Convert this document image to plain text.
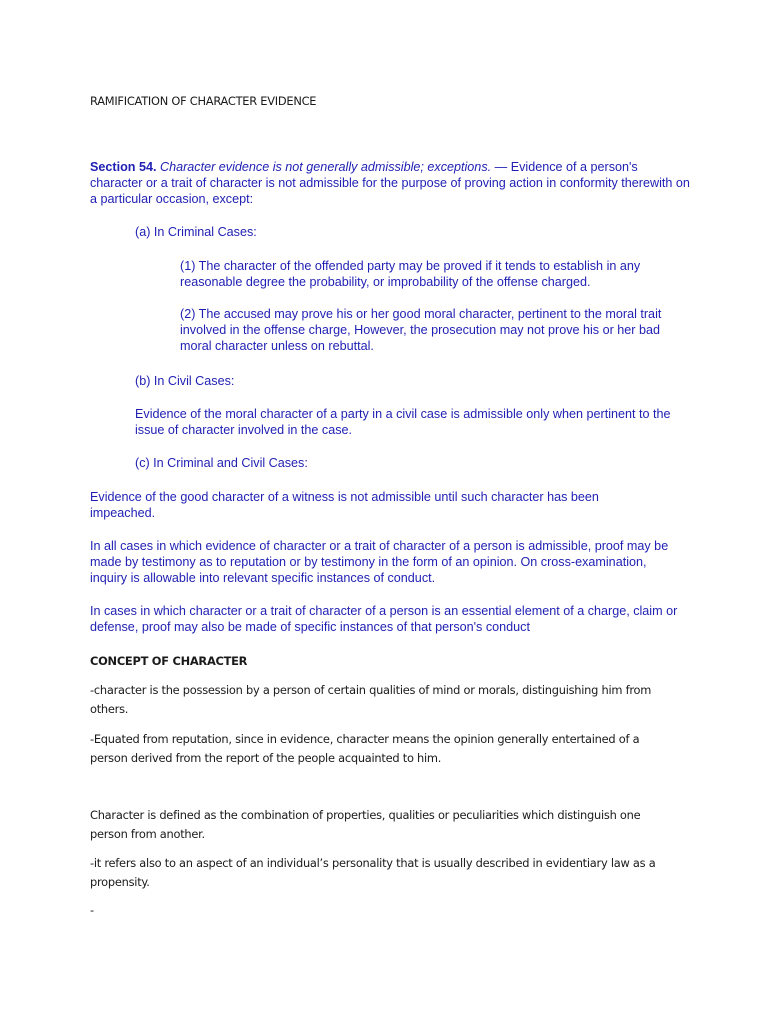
RAMIFICATION OF CHARACTER EVIDENCE

Section 54. Character evidence is not generally admissible; exceptions. — Evidence of a person's character or a trait of character is not admissible for the purpose of proving action in conformity therewith on a particular occasion, except:

(a) In Criminal Cases:

(1) The character of the offended party may be proved if it tends to establish in any reasonable degree the probability, or improbability of the offense charged.

(2) The accused may prove his or her good moral character, pertinent to the moral trait involved in the offense charge, However, the prosecution may not prove his or her bad moral character unless on rebuttal.

(b) In Civil Cases:

Evidence of the moral character of a party in a civil case is admissible only when pertinent to the issue of character involved in the case.

(c) In Criminal and Civil Cases:

Evidence of the good character of a witness is not admissible until such character has been impeached.

In all cases in which evidence of character or a trait of character of a person is admissible, proof may be made by testimony as to reputation or by testimony in the form of an opinion. On cross-examination, inquiry is allowable into relevant specific instances of conduct.

In cases in which character or a trait of character of a person is an essential element of a charge, claim or defense, proof may also be made of specific instances of that person's conduct

CONCEPT OF CHARACTER

-character is the possession by a person of certain qualities of mind or morals, distinguishing him from others.

-Equated from reputation, since in evidence, character means the opinion generally entertained of a person derived from the report of the people acquainted to him.

Character is defined as the combination of properties, qualities or peculiarities which distinguish one person from another.

-it refers also to an aspect of an individual’s personality that is usually described in evidentiary law as a propensity.

-
